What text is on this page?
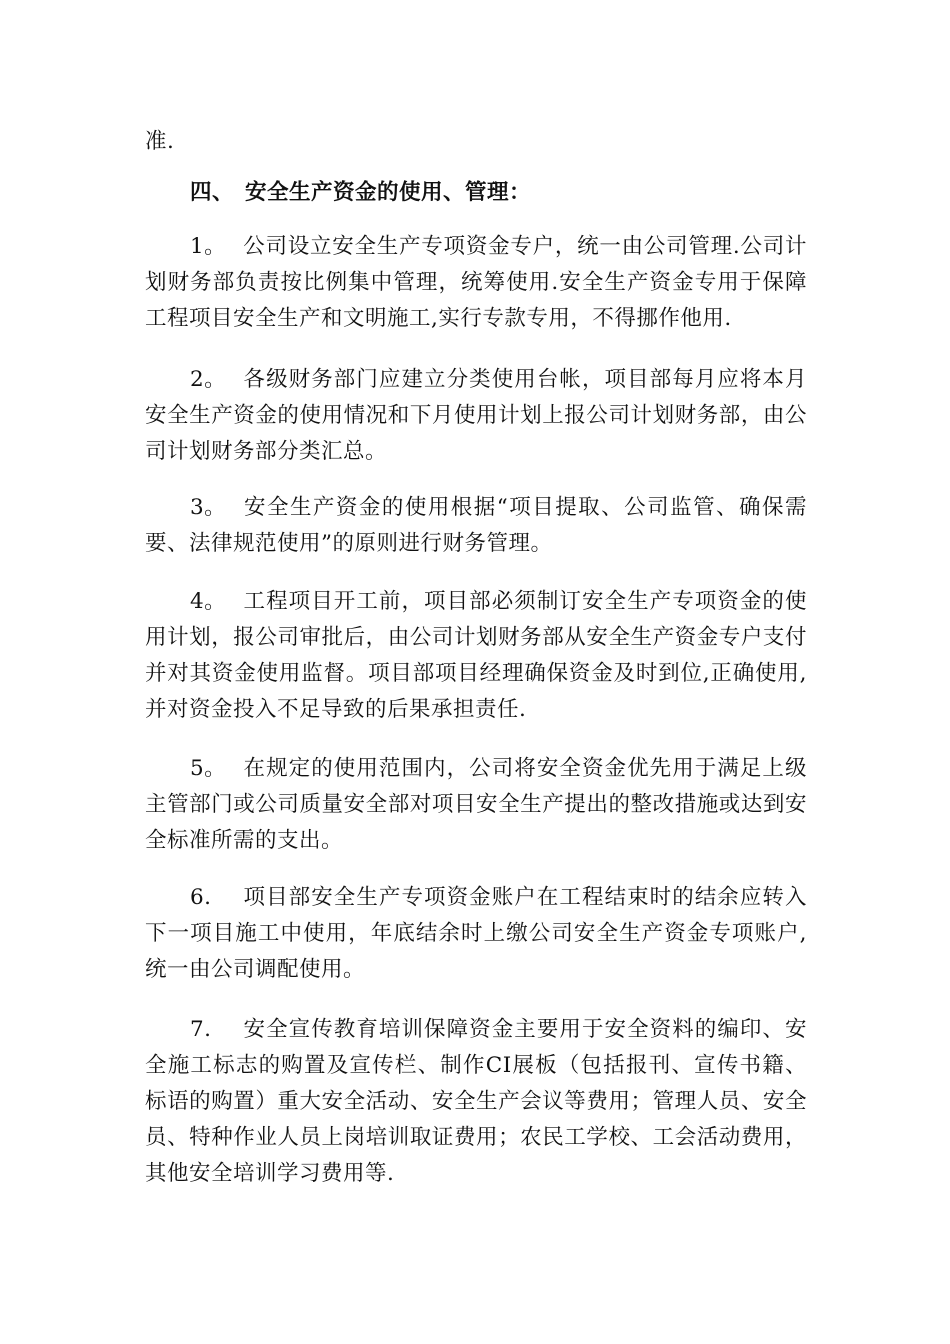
准.
四、 安全生产资金的使用、管理：
1。 公司设立安全生产专项资金专户，统一由公司管理.公司计划财务部负责按比例集中管理，统筹使用.安全生产资金专用于保障工程项目安全生产和文明施工,实行专款专用，不得挪作他用.
2。 各级财务部门应建立分类使用台帐，项目部每月应将本月安全生产资金的使用情况和下月使用计划上报公司计划财务部，由公司计划财务部分类汇总。
3。 安全生产资金的使用根据“项目提取、公司监管、确保需要、法律规范使用”的原则进行财务管理。
4。 工程项目开工前，项目部必须制订安全生产专项资金的使用计划，报公司审批后，由公司计划财务部从安全生产资金专户支付并对其资金使用监督。项目部项目经理确保资金及时到位,正确使用,并对资金投入不足导致的后果承担责任.
5。 在规定的使用范围内，公司将安全资金优先用于满足上级主管部门或公司质量安全部对项目安全生产提出的整改措施或达到安全标准所需的支出。
6. 项目部安全生产专项资金账户在工程结束时的结余应转入下一项目施工中使用，年底结余时上缴公司安全生产资金专项账户,统一由公司调配使用。
7. 安全宣传教育培训保障资金主要用于安全资料的编印、安全施工标志的购置及宣传栏、制作CI展板（包括报刊、宣传书籍、标语的购置）重大安全活动、安全生产会议等费用；管理人员、安全员、特种作业人员上岗培训取证费用；农民工学校、工会活动费用，其他安全培训学习费用等.
